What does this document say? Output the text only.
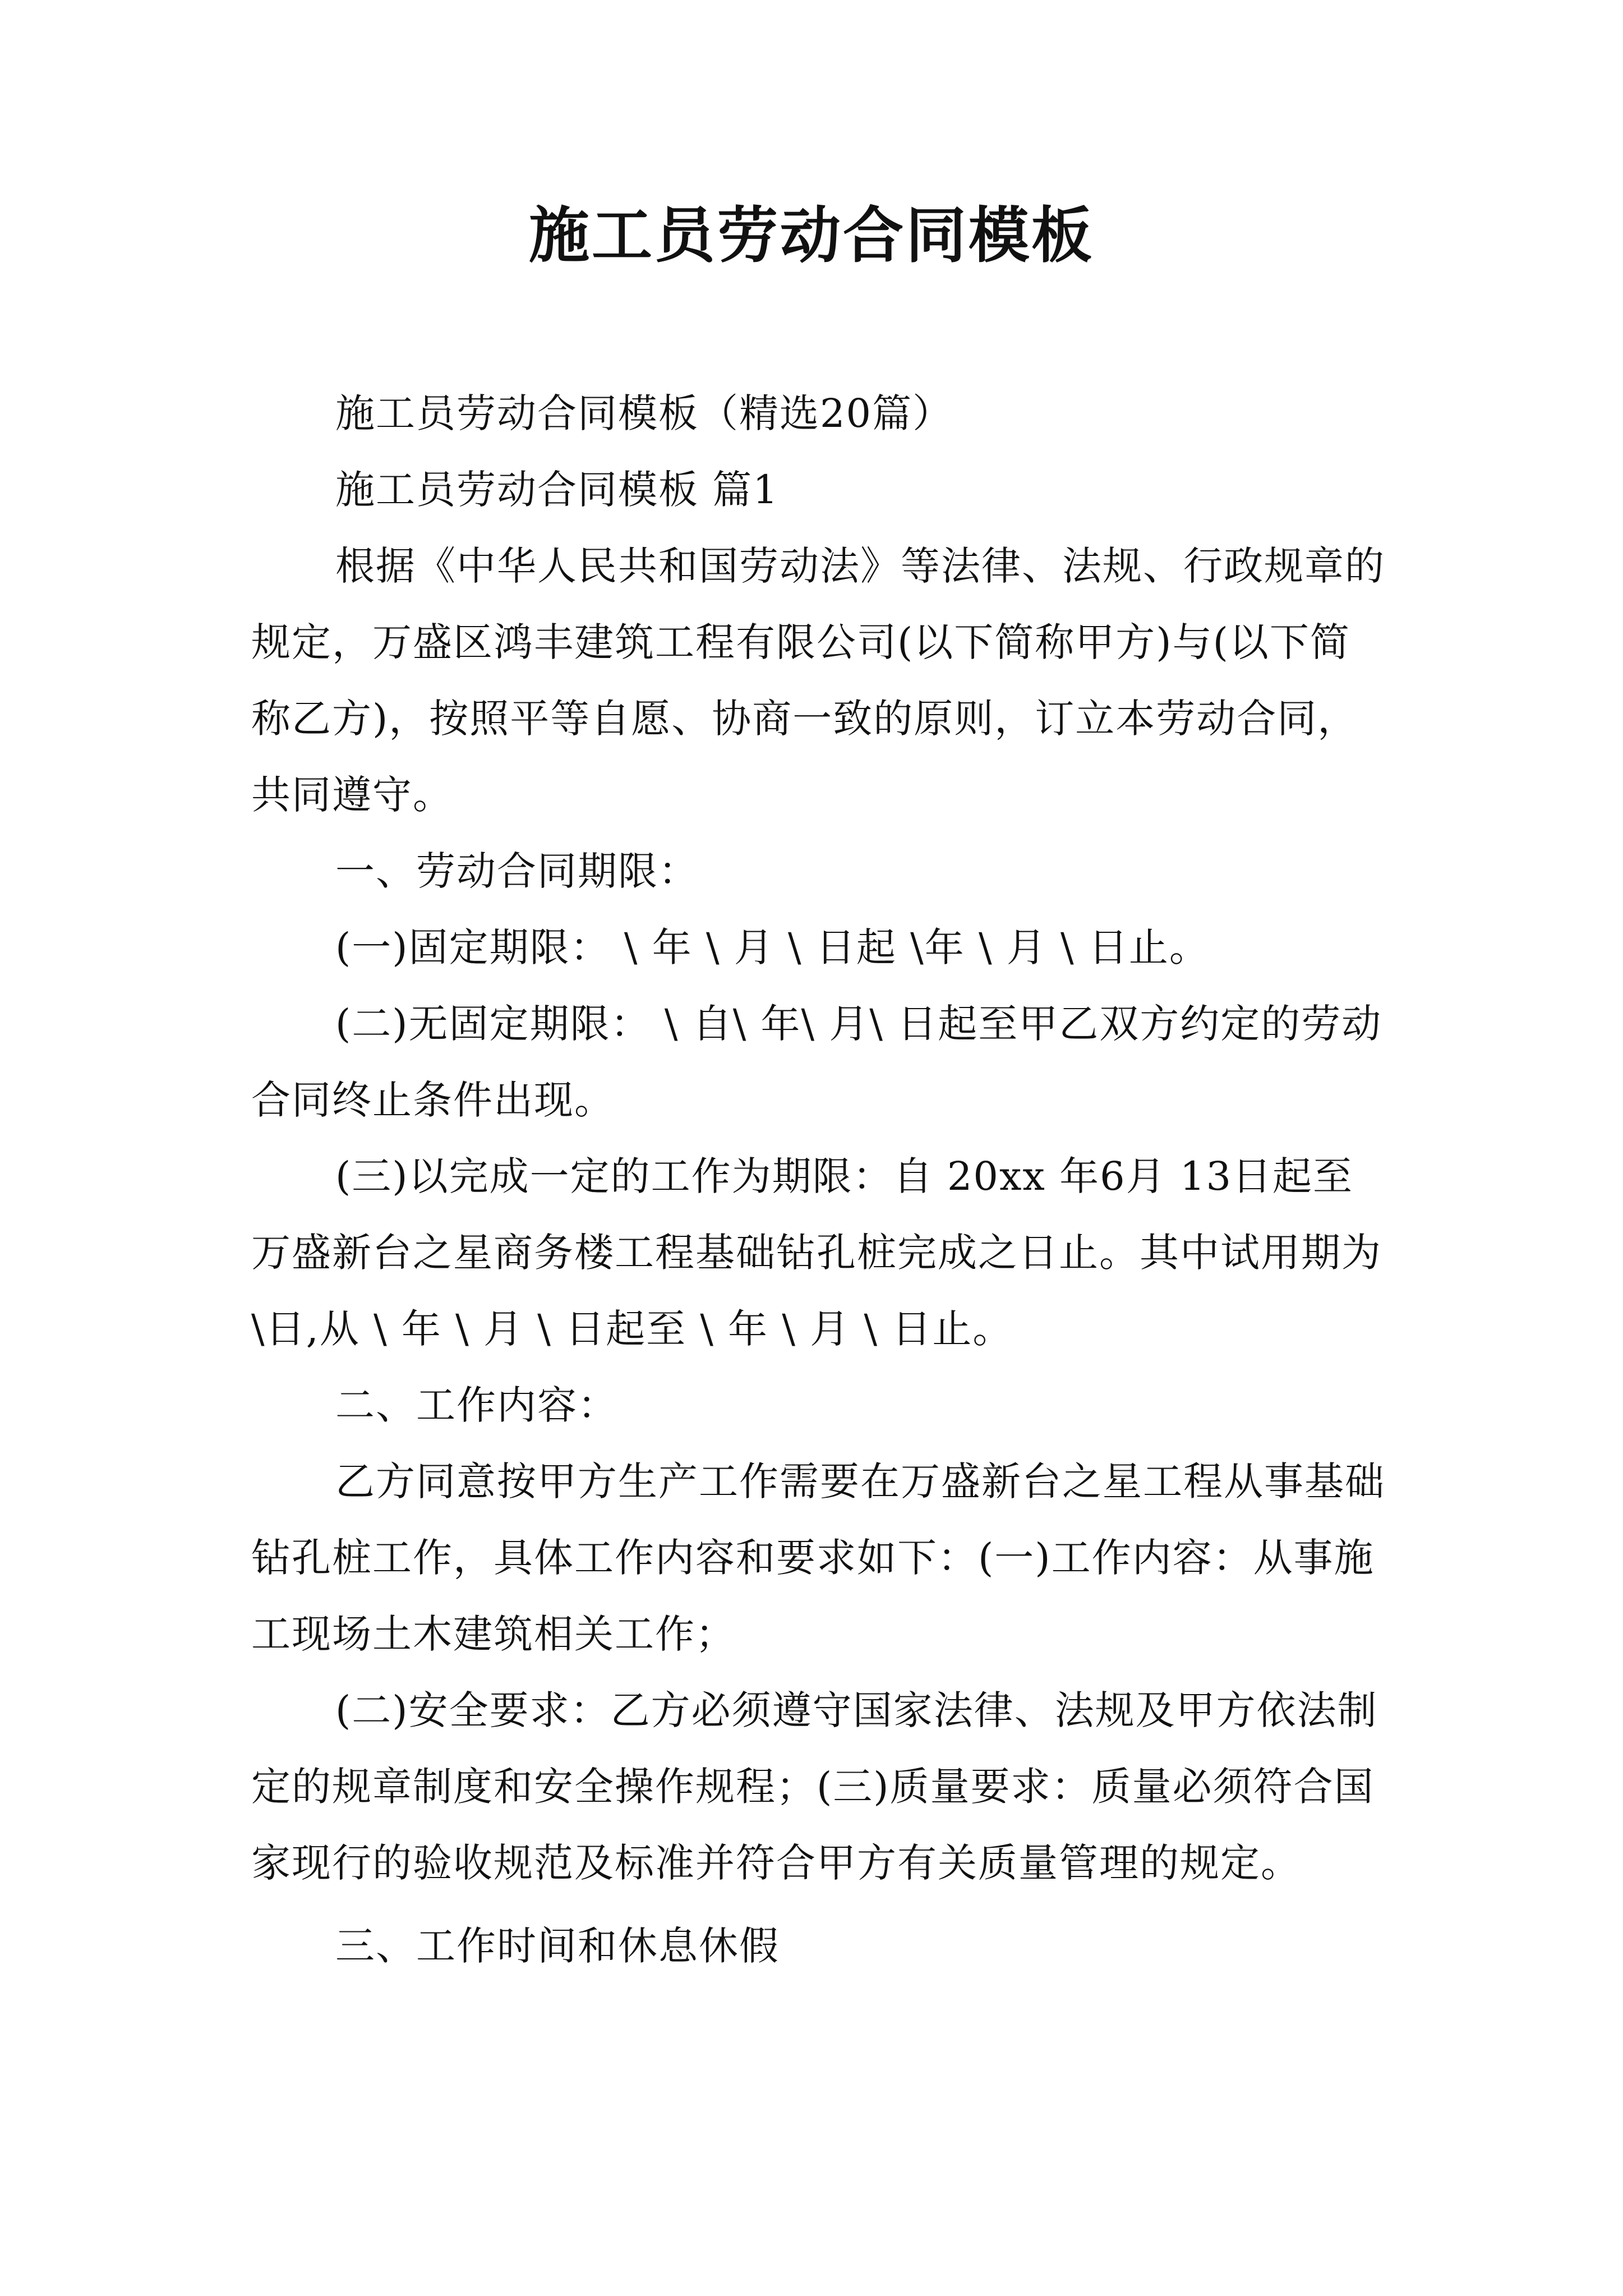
施工员劳动合同模板

施工员劳动合同模板（精选20篇）

施工员劳动合同模板 篇1

根据《中华人民共和国劳动法》等法律、法规、行政规章的规定，万盛区鸿丰建筑工程有限公司(以下简称甲方)与(以下简称乙方)，按照平等自愿、协商一致的原则，订立本劳动合同，共同遵守。

一、劳动合同期限：

(一)固定期限： \ 年 \ 月 \ 日起 \年 \ 月 \ 日止。

(二)无固定期限： \ 自\ 年\ 月\ 日起至甲乙双方约定的劳动合同终止条件出现。

(三)以完成一定的工作为期限：自 20xx 年6月 13日起至万盛新台之星商务楼工程基础钻孔桩完成之日止。其中试用期为 \日,从 \ 年 \ 月 \ 日起至 \ 年 \ 月 \ 日止。

二、工作内容：

乙方同意按甲方生产工作需要在万盛新台之星工程从事基础钻孔桩工作，具体工作内容和要求如下：(一)工作内容：从事施工现场土木建筑相关工作；

(二)安全要求：乙方必须遵守国家法律、法规及甲方依法制定的规章制度和安全操作规程；(三)质量要求：质量必须符合国家现行的验收规范及标准并符合甲方有关质量管理的规定。

三、工作时间和休息休假
